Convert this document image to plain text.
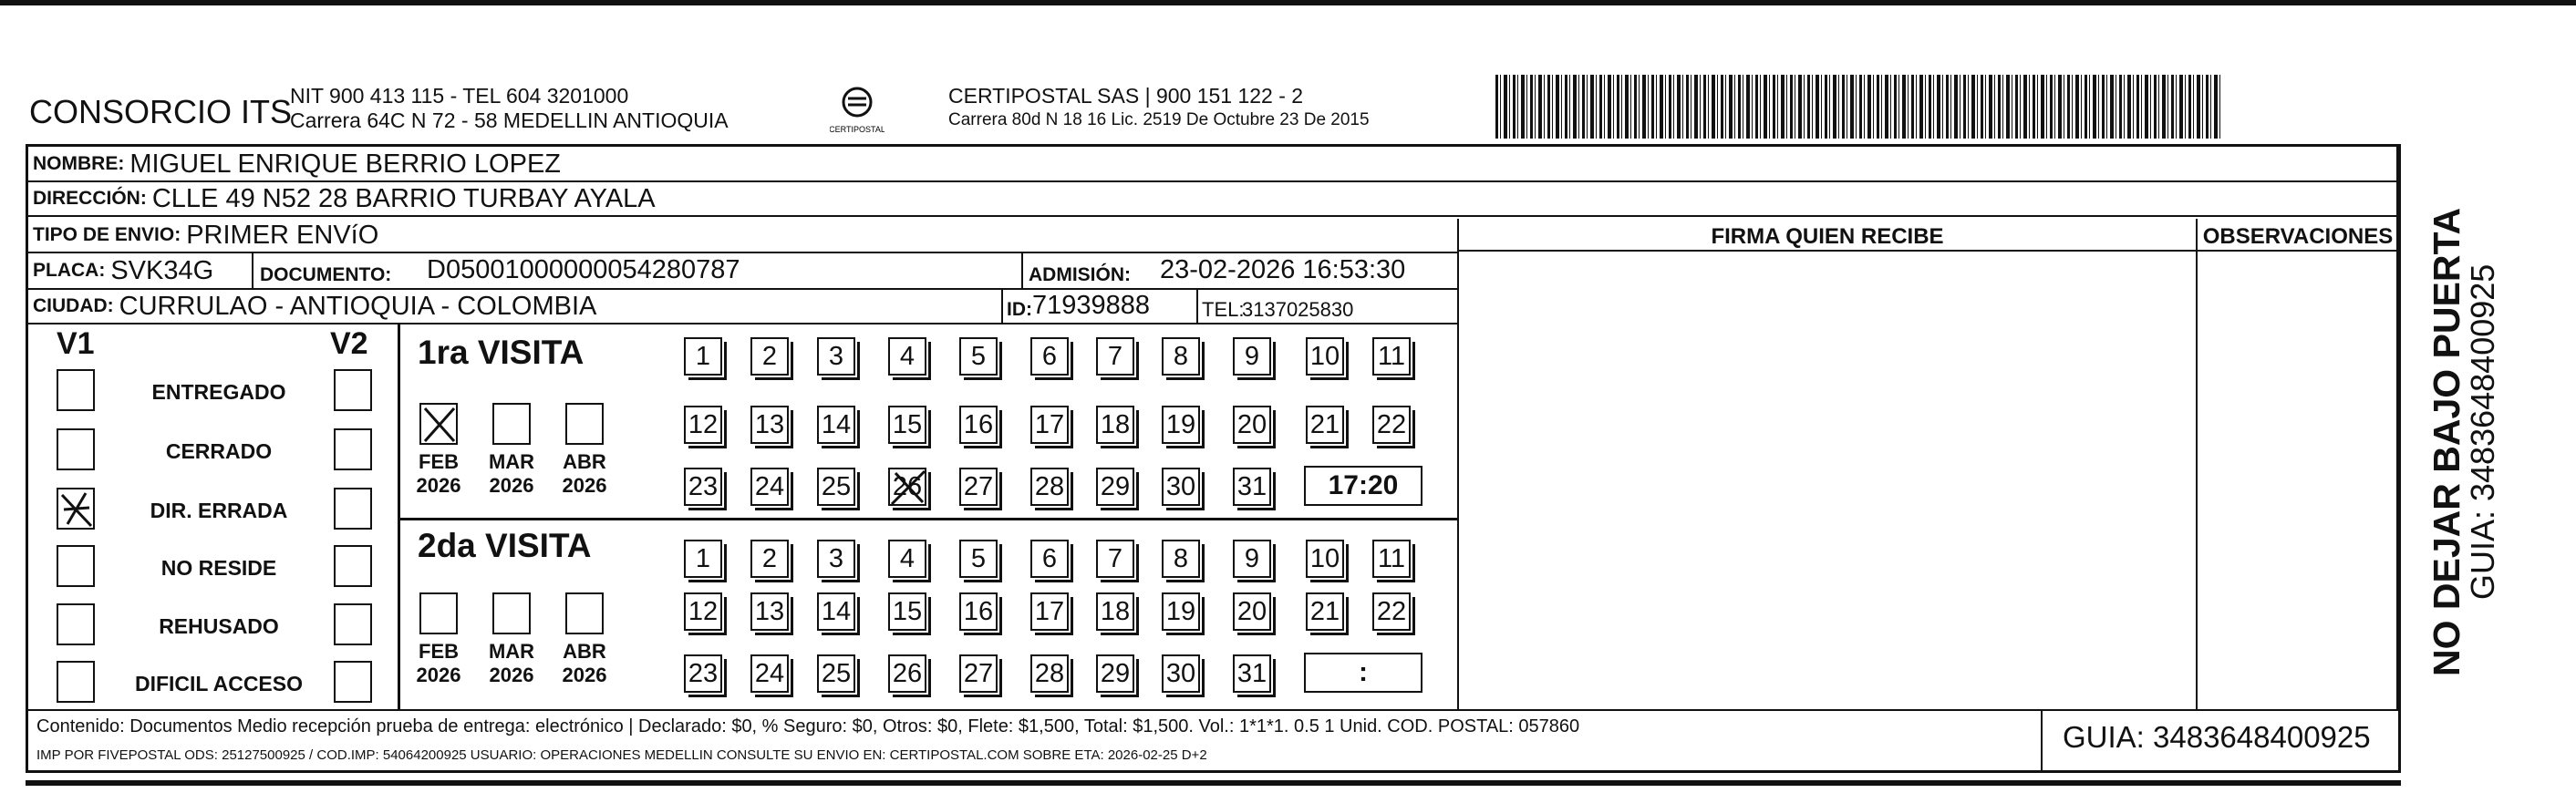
CONSORCIO ITS
NIT 900 413 115 - TEL 604 3201000
Carrera 64C N 72 - 58 MEDELLIN ANTIOQUIA	CERTIPOSTAL
CERTIPOSTAL SAS | 900 151 122 - 2
Carrera 80d N 18 16 Lic. 2519 De Octubre 23 De 2015
NOMBRE: MIGUEL ENRIQUE BERRIO LOPEZ
DIRECCIÓN: CLLE 49 N52 28 BARRIO TURBAY AYALA
TIPO DE ENVIO: PRIMER ENVíO
PLACA: SVK34G DOCUMENTO: D05001000000054280787	ADMISIÓN: 23-02-2026 16:53:30
CIUDAD: CURRULAO - ANTIOQUIA - COLOMBIA	ID: 71939888	TEL:
3137025830
FIRMA QUIEN RECIBE	OBSERVACIONES
V1	V2
ENTREGADO
CERRADO
DIR. ERRADA
NO RESIDE
REHUSADO
DIFICIL ACCESO
1ra VISITA
2da VISITA
FEB
2026
MAR
2026
ABR
2026
FEB
2026
MAR
2026
ABR
2026
1	2	3	4	5	6	7	8	9	10 11
12 13 14 15 16 17 18 19 20 21 22
23 24 25 26 27 28 29 30 31	17:20
1	2	3	4	5	6	7	8	9	10 11
12 13 14 15 16 17 18 19 20 21 22
23 24 25 26 27 28 29 30 31	:
Contenido: Documentos Medio recepción prueba de entrega: electrónico | Declarado: $0, % Seguro: $0, Otros: $0, Flete: $1,500, Total: $1,500. Vol.: 1*1*1. 0.5 1 Unid. COD. POSTAL: 057860
IMP POR FIVEPOSTAL ODS: 25127500925 / COD.IMP: 54064200925 USUARIO: OPERACIONES MEDELLIN CONSULTE SU ENVIO EN: CERTIPOSTAL.COM SOBRE ETA: 2026-02-25 D+2
GUIA: 3483648400925
NO DEJAR BAJO PUERTA
GUIA: 3483648400925
